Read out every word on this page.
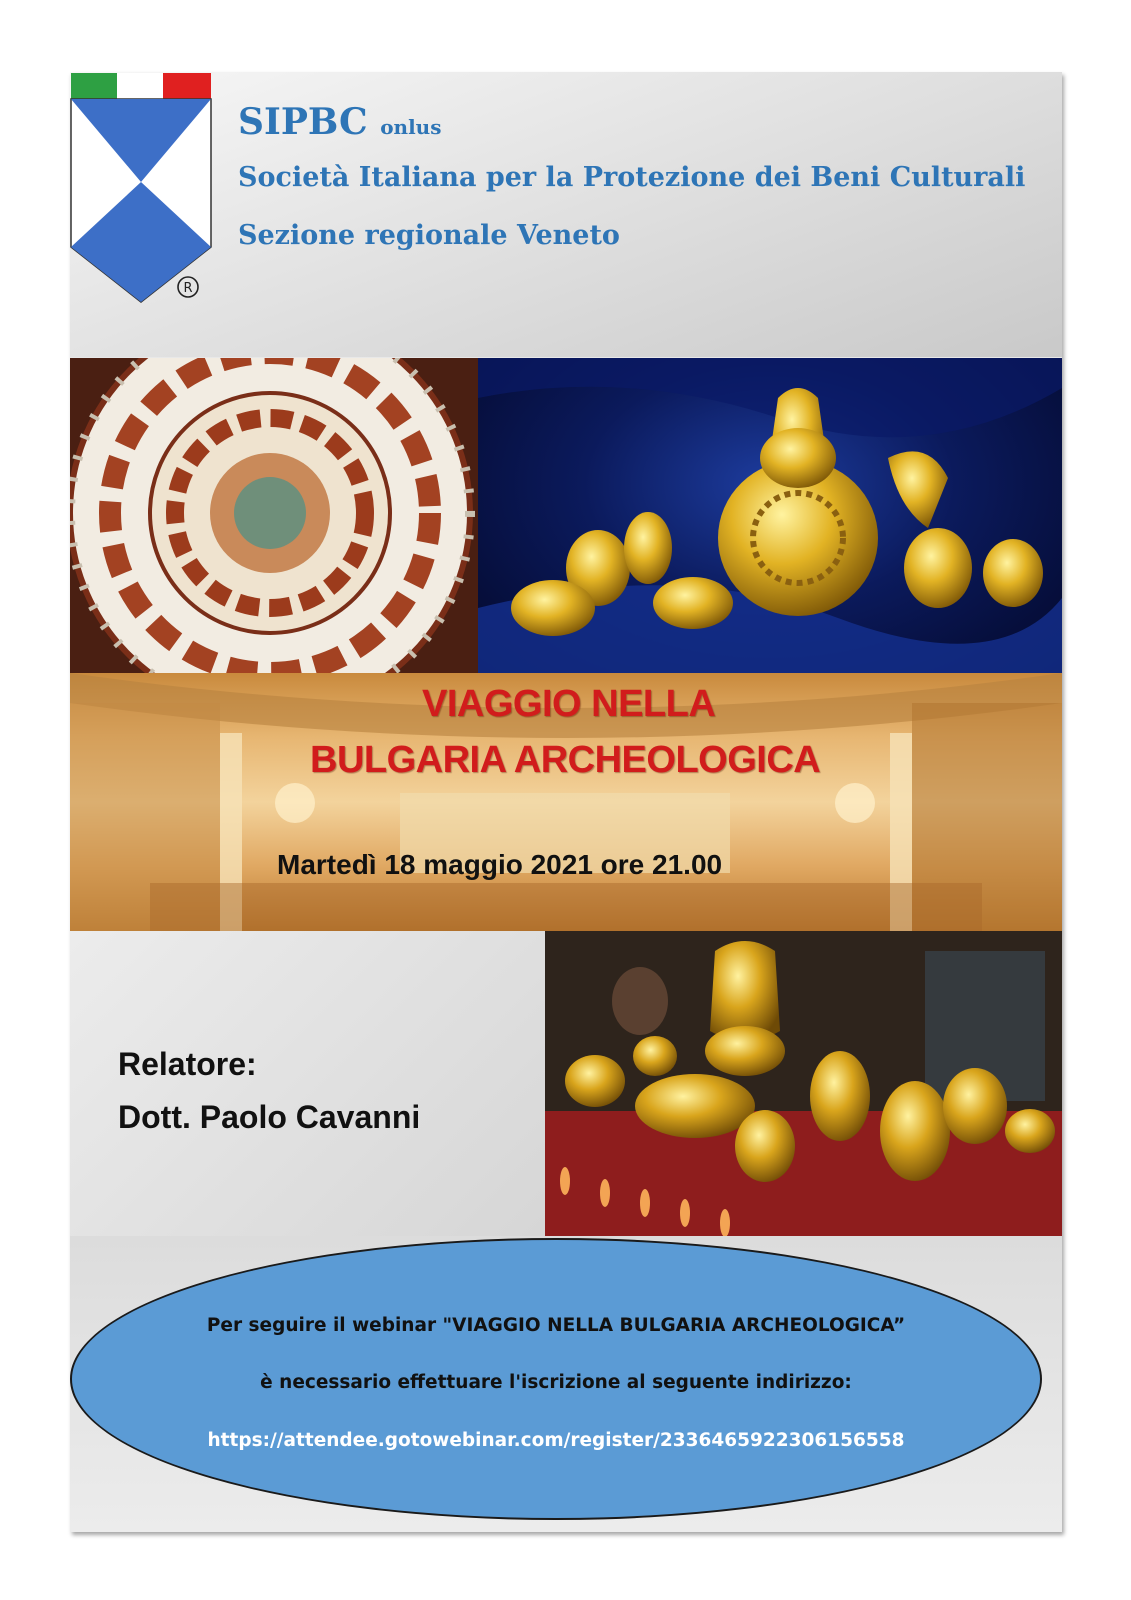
R
SIPBC onlus
Società Italiana per la Protezione dei Beni Culturali
Sezione regionale Veneto
VIAGGIO NELLA
BULGARIA ARCHEOLOGICA
Martedì 18 maggio 2021 ore 21.00
Relatore:
Dott. Paolo Cavanni
Per seguire il webinar "VIAGGIO NELLA BULGARIA ARCHEOLOGICA”
è necessario effettuare l'iscrizione al seguente indirizzo:
https://attendee.gotowebinar.com/register/2336465922306156558
